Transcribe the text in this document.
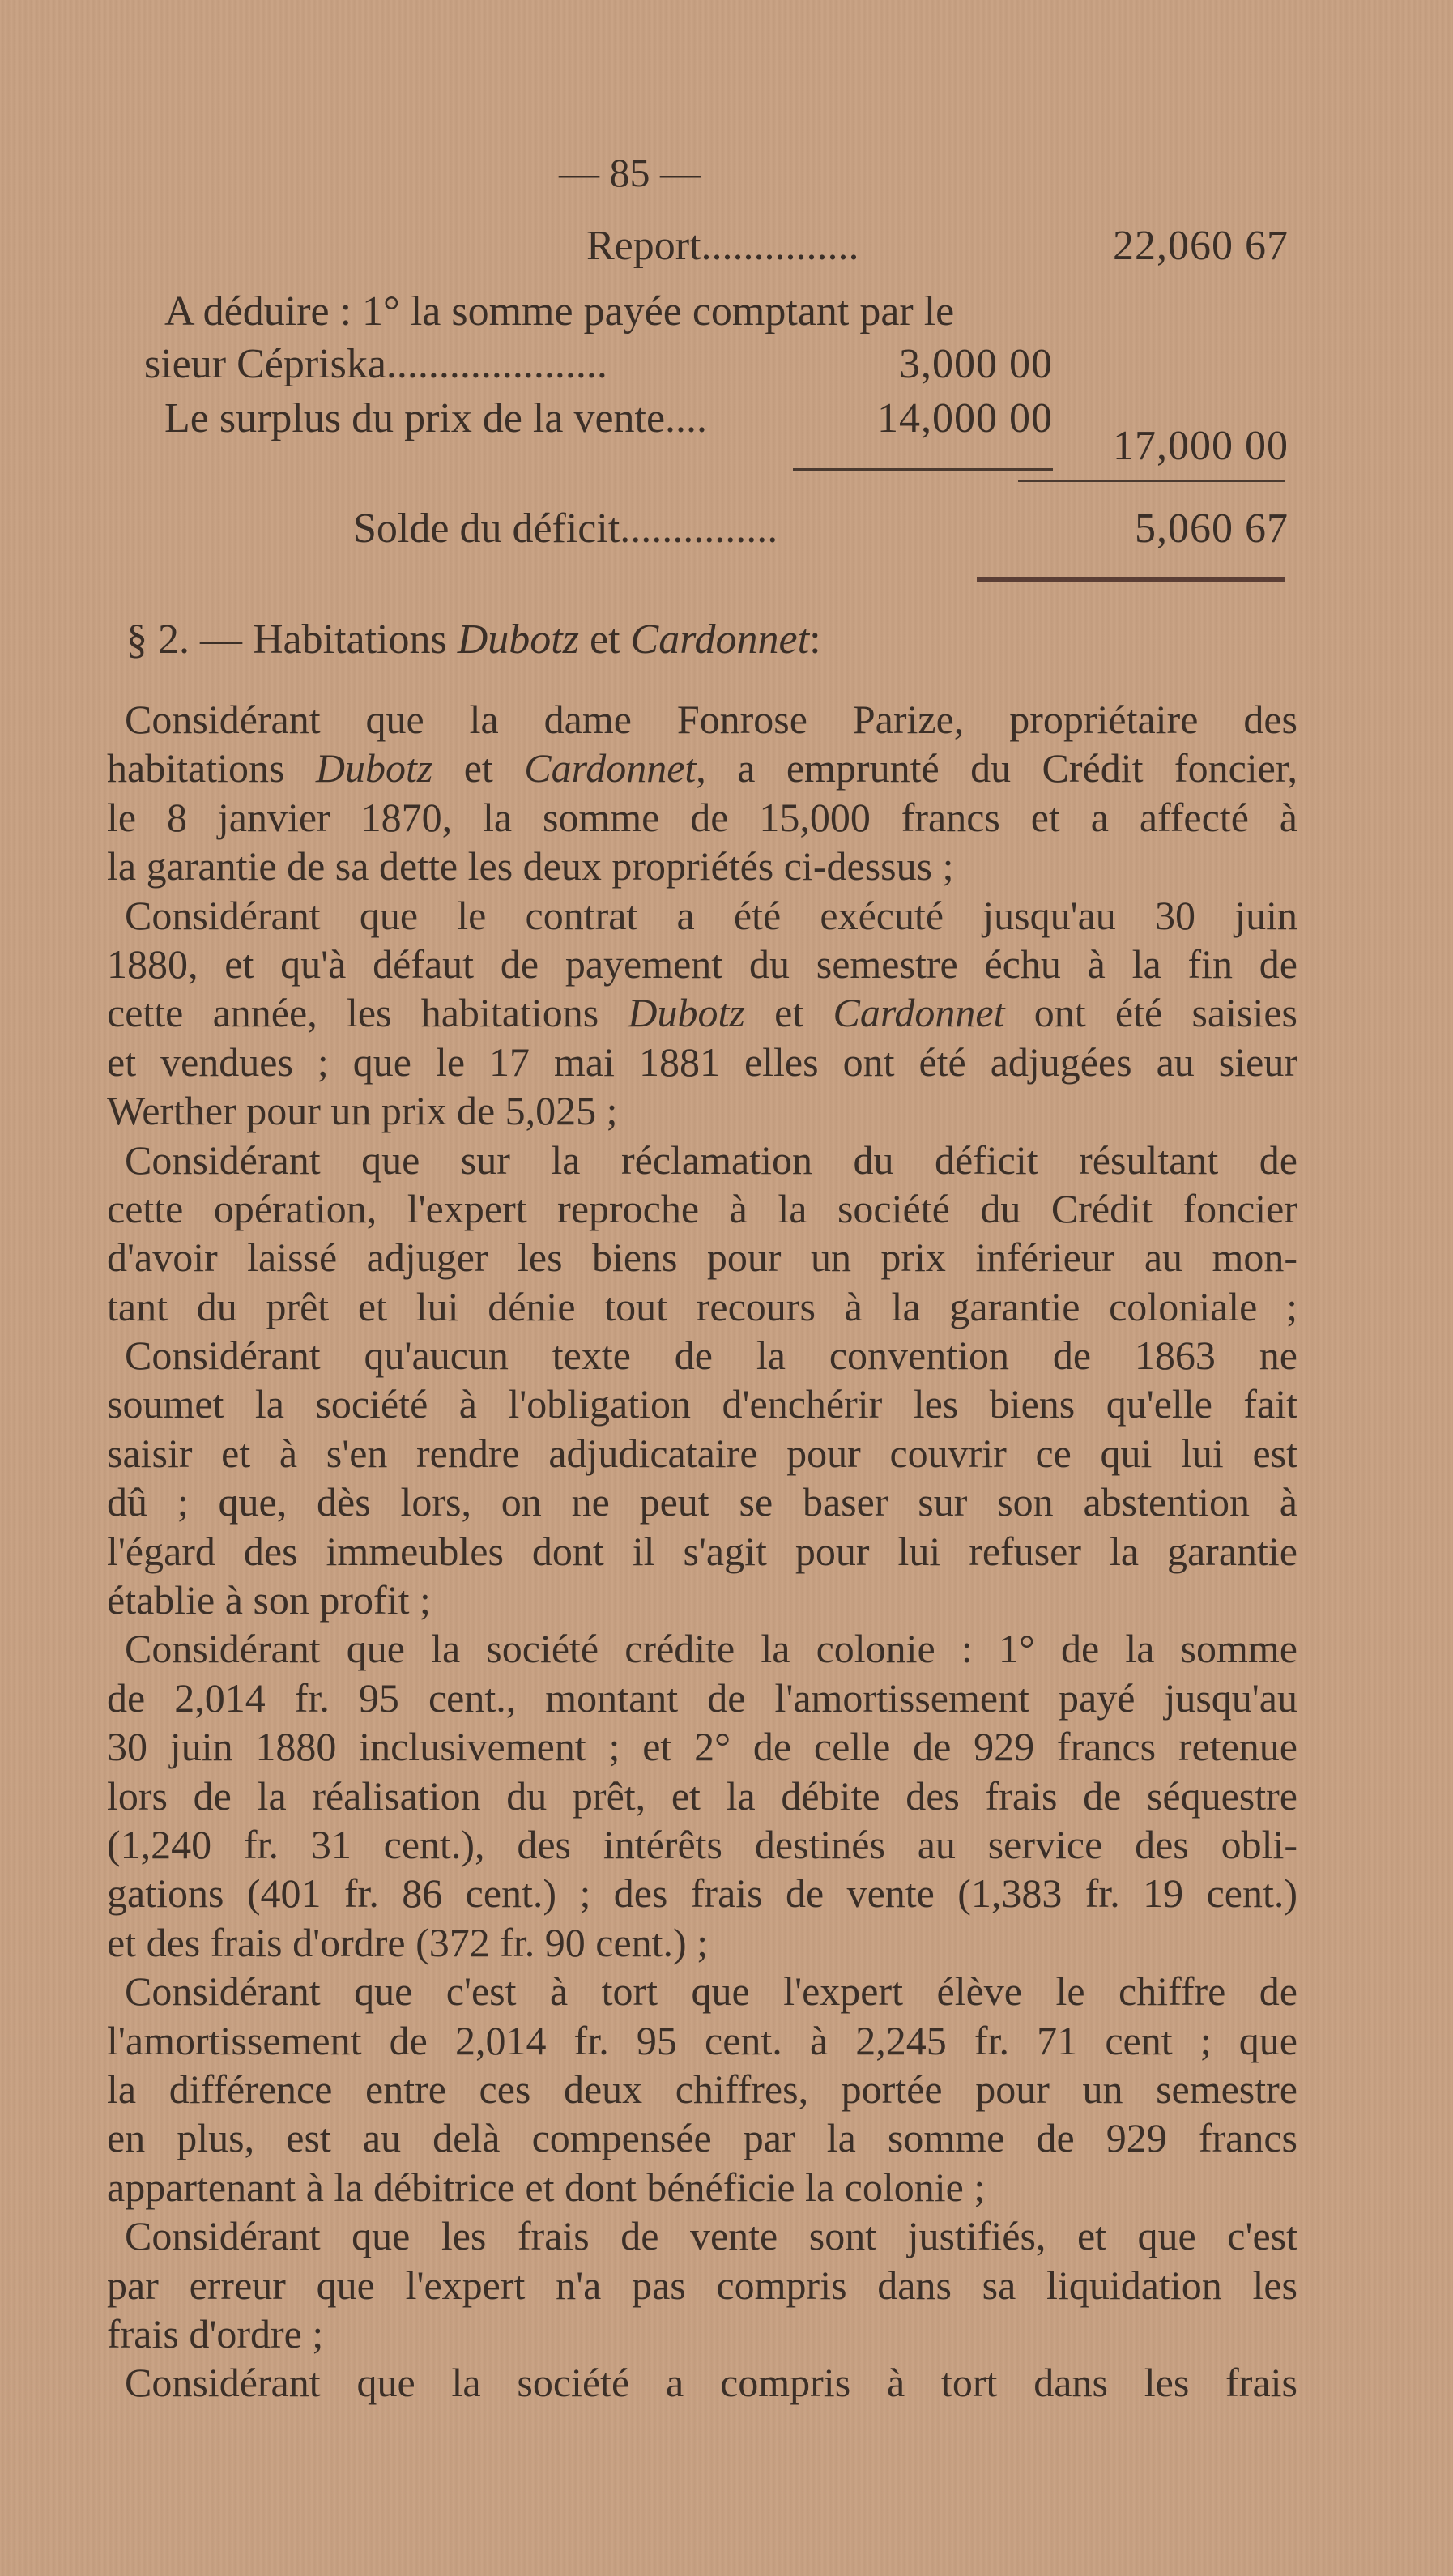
— 85 —
Report...............	22,060 67
A déduire : 1° la somme payée comptant par le
sieur Cépriska.....................	3,000 00
Le surplus du prix de la vente....	14,000 00
17,000 00
Solde du déficit...............	5,060 67
§ 2. — Habitations Dubotz et Cardonnet:
Considérant que la dame Fonrose Parize, propriétaire des
habitations Dubotz et Cardonnet, a emprunté du Crédit foncier,
le 8 janvier 1870, la somme de 15,000 francs et a affecté à
la garantie de sa dette les deux propriétés ci-dessus ;
Considérant que le contrat a été exécuté jusqu'au 30 juin
1880, et qu'à défaut de payement du semestre échu à la fin de
cette année, les habitations Dubotz et Cardonnet ont été saisies
et vendues ; que le 17 mai 1881 elles ont été adjugées au sieur
Werther pour un prix de 5,025 ;
Considérant que sur la réclamation du déficit résultant de
cette opération, l'expert reproche à la société du Crédit foncier
d'avoir laissé adjuger les biens pour un prix inférieur au mon-
tant du prêt et lui dénie tout recours à la garantie coloniale ;
Considérant qu'aucun texte de la convention de 1863 ne
soumet la société à l'obligation d'enchérir les biens qu'elle fait
saisir et à s'en rendre adjudicataire pour couvrir ce qui lui est
dû ; que, dès lors, on ne peut se baser sur son abstention à
l'égard des immeubles dont il s'agit pour lui refuser la garantie
établie à son profit ;
Considérant que la société crédite la colonie : 1° de la somme
de 2,014 fr. 95 cent., montant de l'amortissement payé jusqu'au
30 juin 1880 inclusivement ; et 2° de celle de 929 francs retenue
lors de la réalisation du prêt, et la débite des frais de séquestre
(1,240 fr. 31 cent.), des intérêts destinés au service des obli-
gations (401 fr. 86 cent.) ; des frais de vente (1,383 fr. 19 cent.)
et des frais d'ordre (372 fr. 90 cent.) ;
Considérant que c'est à tort que l'expert élève le chiffre de
l'amortissement de 2,014 fr. 95 cent. à 2,245 fr. 71 cent ; que
la différence entre ces deux chiffres, portée pour un semestre
en plus, est au delà compensée par la somme de 929 francs
appartenant à la débitrice et dont bénéficie la colonie ;
Considérant que les frais de vente sont justifiés, et que c'est
par erreur que l'expert n'a pas compris dans sa liquidation les
frais d'ordre ;
Considérant que la société a compris à tort dans les frais
